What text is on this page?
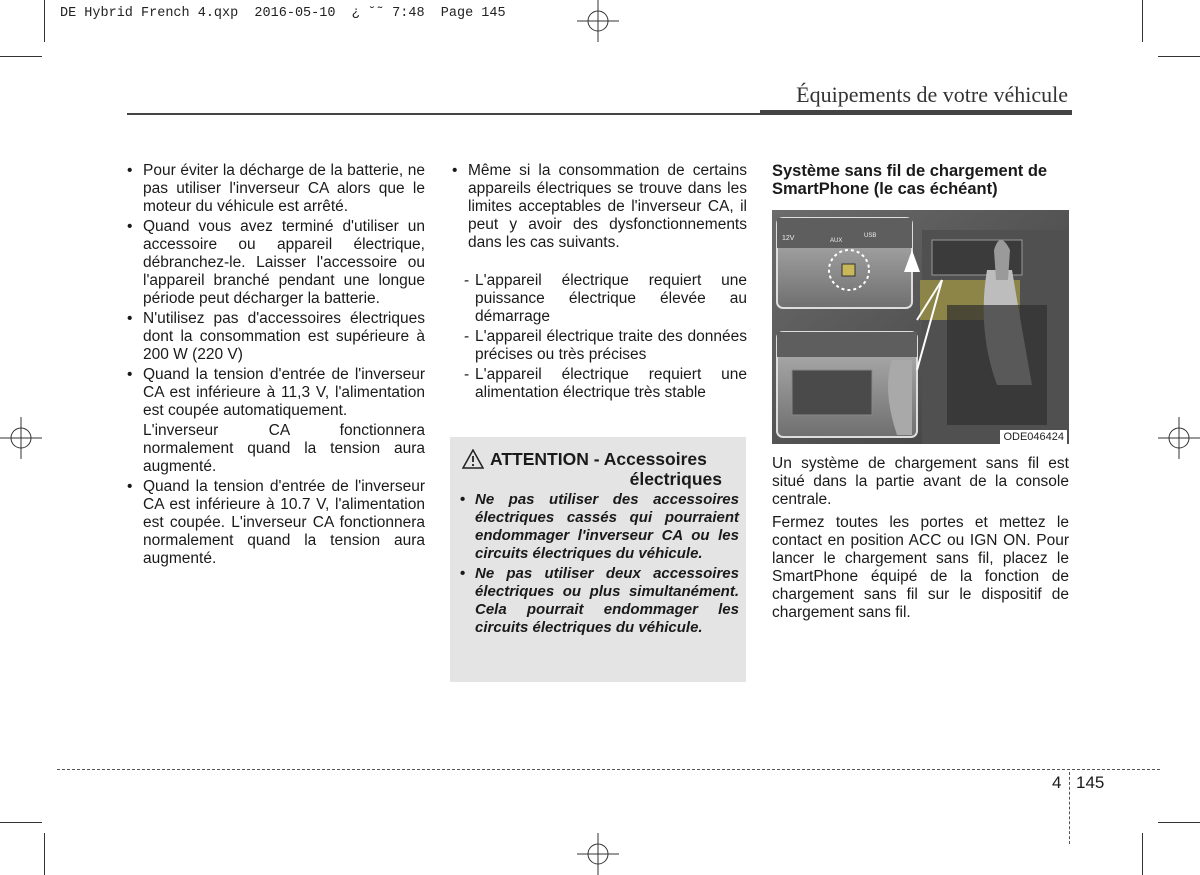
DE Hybrid French 4.qxp  2016-05-10  ¿ ˘˜ 7:48  Page 145
Équipements de votre véhicule
• Pour éviter la décharge de la batterie, ne pas utiliser l'inverseur CA alors que le moteur du véhicule est arrêté.
• Quand vous avez terminé d'utiliser un accessoire ou appareil électrique, débranchez-le. Laisser l'accessoire ou l'appareil branché pendant une longue période peut décharger la batterie.
• N'utilisez pas d'accessoires électriques dont la consommation est supérieure à 200 W (220 V)
• Quand la tension d'entrée de l'inverseur CA est inférieure à 11,3 V, l'alimentation est coupée automatiquement.
L'inverseur CA fonctionnera normalement quand la tension aura augmenté.
• Quand la tension d'entrée de l'inverseur CA est inférieure à 10.7 V, l'alimentation est coupée. L'inverseur CA fonctionnera normalement quand la tension aura augmenté.
• Même si la consommation de certains appareils électriques se trouve dans les limites acceptables de l'inverseur CA, il peut y avoir des dysfonctionnements dans les cas suivants.
- L'appareil électrique requiert une puissance électrique élevée au démarrage
- L'appareil électrique traite des données précises ou très précises
- L'appareil électrique requiert une alimentation électrique très stable
ATTENTION - Accessoires
électriques
• Ne pas utiliser des accessoires électriques cassés qui pourraient endommager l'inverseur CA ou les circuits électriques du véhicule.
• Ne pas utiliser deux accessoires électriques ou plus simultanément. Cela pourrait endommager les circuits électriques du véhicule.
Système sans fil de chargement de SmartPhone (le cas échéant)
12V	AUX
USB
ODE046424

Un système de chargement sans fil est situé dans la partie avant de la console centrale.

Fermez toutes les portes et mettez le contact en position ACC ou IGN ON. Pour lancer le chargement sans fil, placez le SmartPhone équipé de la fonction de chargement sans fil sur le dispositif de chargement sans fil.

4 145
